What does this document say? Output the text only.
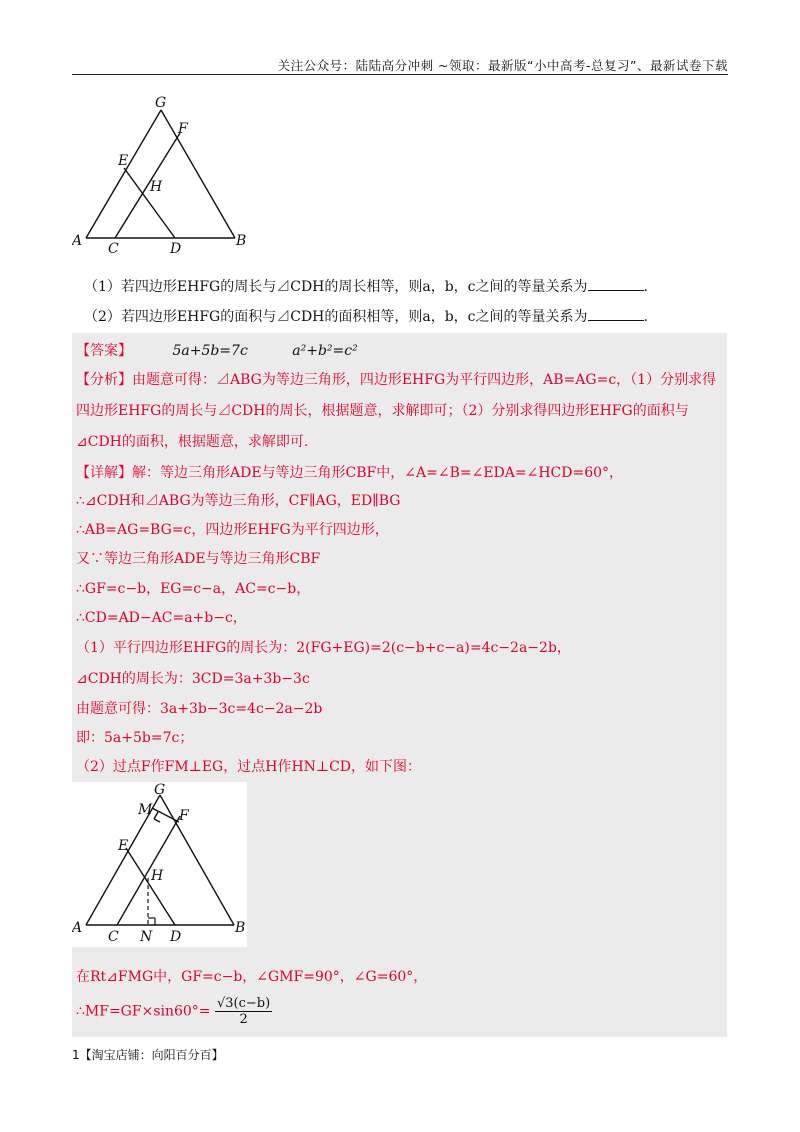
关注公众号：陆陆高分冲刺 ~领取：最新版“小中高考-总复习”、最新试卷下载
G
F
E
H
A C	D	B
（1）若四边形EHFG的周长与⊿CDH的周长相等，则a，b，c之间的等量关系为	.
（2）若四边形EHFG的面积与⊿CDH的面积相等，则a，b，c之间的等量关系为	.
【答案】	5a+5b=7c	a²+b²=c²
【分析】由题意可得：⊿ABG为等边三角形，四边形EHFG为平行四边形，AB=AG=c，（1）分别求得
四边形EHFG的周长与⊿CDH的周长，根据题意，求解即可；（2）分别求得四边形EHFG的面积与
⊿CDH的面积，根据题意，求解即可.
【详解】解：等边三角形ADE与等边三角形CBF中，∠A=∠B=∠EDA=∠HCD=60°，
∴⊿CDH和⊿ABG为等边三角形，CF∥AG，ED∥BG
∴AB=AG=BG=c，四边形EHFG为平行四边形，
又∵等边三角形ADE与等边三角形CBF
∴GF=c−b，EG=c−a，AC=c−b，
∴CD=AD−AC=a+b−c，
（1）平行四边形EHFG的周长为：2(FG+EG)=2(c−b+c−a)=4c−2a−2b，
⊿CDH的周长为：3CD=3a+3b−3c
由题意可得：3a+3b−3c=4c−2a−2b
即：5a+5b=7c；
（2）过点F作FM⊥EG，过点H作HN⊥CD，如下图：
G
M F
E
H
A
C N D
B
在Rt⊿FMG中，GF=c−b，∠GMF=90°，∠G=60°，
∴MF=GF×sin60°= $\frac{√3(c-b)}{2}$
1【淘宝店铺：向阳百分百】
